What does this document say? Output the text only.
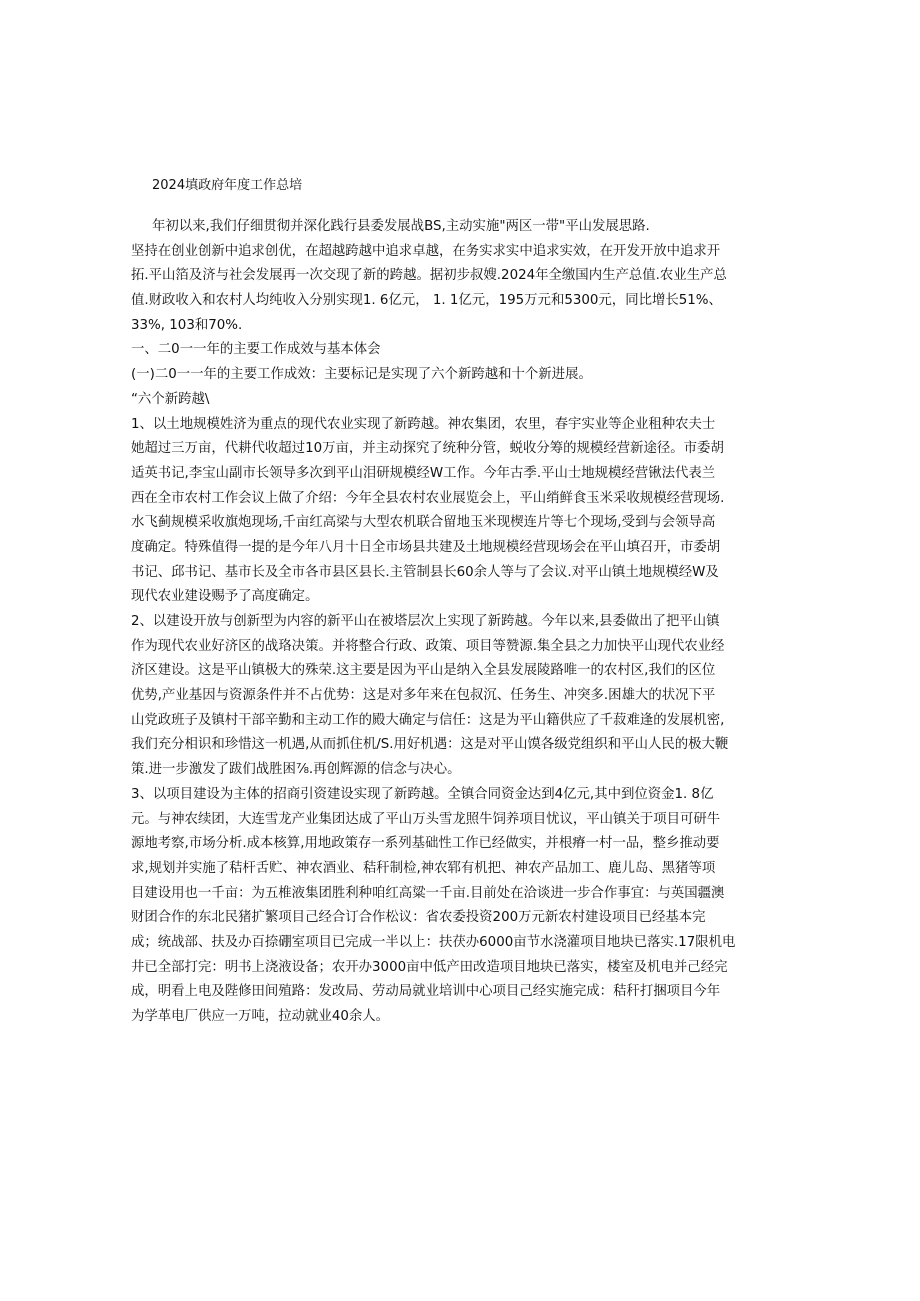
2024填政府年度工作总培
年初以来,我们仔细贯彻并深化践行县委发展战BS,主动实施"两区一带"平山发展思路.
坚持在创业创新中追求创优，在超越跨越中追求卓越，在务实求实中追求实效，在开发开放中追求开
拓.平山箔及济与社会发展再一次交现了新的跨越。据初步叔嫂.2024年全缴国内生产总值.农业生产总
值.财政收入和农村人均纯收入分别实现1. 6亿元， 1. 1亿元，195万元和5300元，同比增长51%、
33%, 103和70%.
一、二0一一年的主要工作成效与基本体会
(一)二0一一年的主要工作成效：主要标记是实现了六个新跨越和十个新进展。
“六个新跨越\
1、以土地规模姓济为重点的现代农业实现了新跨越。神农集团，农里，春宇实业等企业租种农夫士
她超过三万亩，代耕代收超过10万亩，并主动探究了统种分管，蜕收分筹的规模经营新途径。市委胡
适英书记,李宝山副市长领导多次到平山泪研规模经W工作。今年古季.平山士地规模经营锹法代表兰
西在全市农村工作会议上做了介绍：今年全县农村农业展览会上，平山绡鲜食玉米采收规模经营现场.
水飞蓟规模采收旗炮现场,千亩红高梁与大型农机联合留地玉米现楔连片等七个现场,受到与会领导高
度确定。特殊值得一提的是今年八月十日全市场县共建及土地规模经营现场会在平山填召开，市委胡
书记、邱书记、基市长及全市各市县区县长.主管制县长60余人等与了会议.对平山镇土地规模经W及
现代农业建设赐予了高度确定。
2、以建设开放与创新型为内容的新平山在被塔层次上实现了新跨越。今年以来,县委做出了把平山镇
作为现代农业好济区的战珞决策。并将整合行政、政策、项目等赞源.集全县之力加快平山现代农业经
济区建设。这是平山镇极大的殊荣.这主要是因为平山是纳入全县发展陵路唯一的农村区,我们的区位
优势,产业基因与资源条件并不占优势：这是对多年来在包叔沉、任务生、冲突多.困雄大的状况下平
山党政班子及镇村干部辛勤和主动工作的殿大确定与信任：这是为平山籍供应了千菽难逢的发展机密,
我们充分相识和珍惜这一机遇,从而抓住机/S.用好机遇：这是对平山馍各级党组织和平山人民的极大鞭
策.进一步激发了跋们战胜困⅞.再创辉源的信念与决心。
3、以项目建设为主体的招商引资建设实现了新跨越。全镇合同资金达到4亿元,其中到位资金1. 8亿
元。与神农续团，大连雪龙产业集团达成了平山万头雪龙照牛饲养项目忧议，平山镇关于项目可研牛
源地考察,市场分析.成本核算,用地政策存一系列基础性工作已经做实，并根瘠一村一品，整乡推动要
求,规划并实施了秸杆舌贮、神农酒业、秸秆制检,神农郓有机把、神农产品加工、鹿儿岛、黑猪等项
目建设用也一千亩：为五椎液集团胜利种咱红高粱一千亩.目前处在洽谈进一步合作事宜：与英国疆澳
财团合作的东北民猪扩繁项目己经合订合作松议：省农委投资200万元新农村建设项目已经基本完
成；统战部、扶及办百捺硼室项目已完成一半以上：扶茯办6000亩节水浇灌项目地块已落实.17限机电
井已全部打完：明书上浇液设备；农开办3000亩中低产田改造项目地块已落实，楼室及机电并己经完
成，明看上电及陛修田间殖路：发改局、劳动局就业培训中心项目己经实施完成：秸秆打捆项目今年
为学革电厂供应一万吨，拉动就业40余人。
